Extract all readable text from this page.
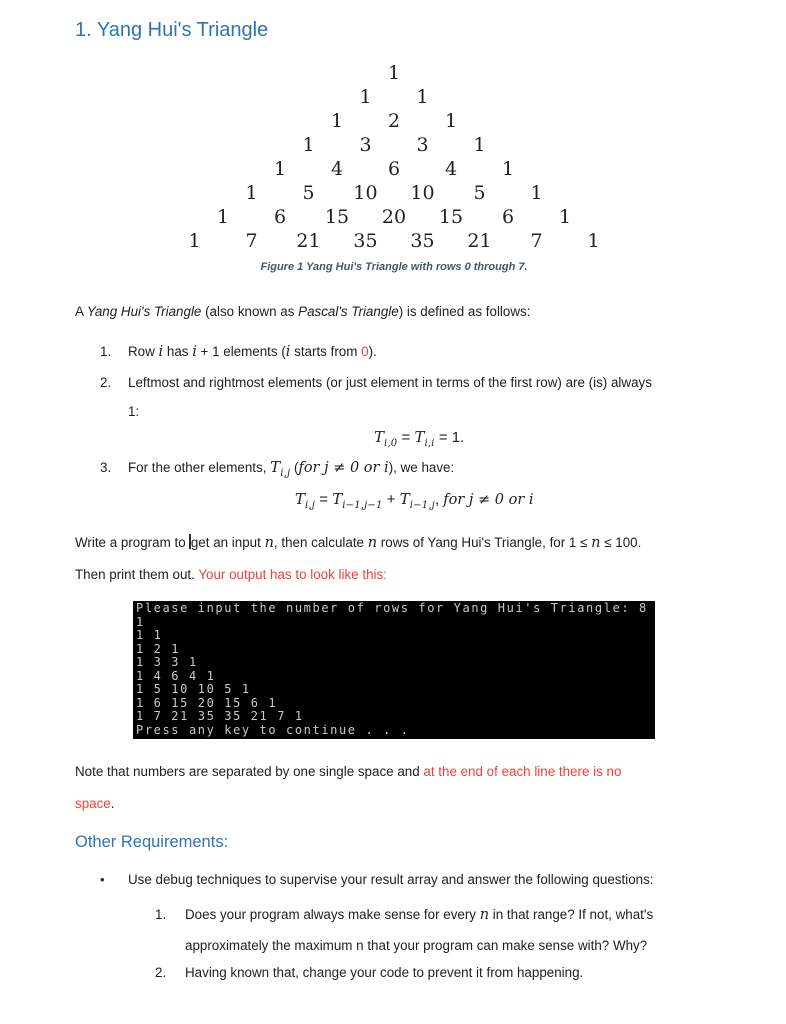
1. Yang Hui's Triangle
1
1	1
1	2	1
1	3	3	1
1	4	6	4	1
1	5	10	10	5	1
1	6	15	20	15	6	1
1	7	21	35	35	21	7	1
Figure 1 Yang Hui's Triangle with rows 0 through 7.
A Yang Hui's Triangle (also known as Pascal's Triangle) is defined as follows:
1. Row i has i + 1 elements (i starts from 0).
2. Leftmost and rightmost elements (or just element in terms of the first row) are (is) always
1:
$T_{i,0} = T_{i,i} = 1$.
3. For the other elements, $T_{i,j}$ (for j ≠ 0 or i), we have:
$T_{i,j} = T_{i-1,j-1} + T_{i-1,j}$, for j ≠ 0 or i
Write a program to get an input n, then calculate n rows of Yang Hui's Triangle, for 1 ≤ n ≤ 100.
Then print them out. Your output has to look like this:
Please input the number of rows for Yang Hui's Triangle: 8
1
1 1
1 2 1
1 3 3 1
1 4 6 4 1
1 5 10 10 5 1
1 6 15 20 15 6 1
1 7 21 35 35 21 7 1
Press any key to continue . . .
Note that numbers are separated by one single space and at the end of each line there is no
space.
Other Requirements:
• Use debug techniques to supervise your result array and answer the following questions:
1. Does your program always make sense for every n in that range? If not, what's
approximately the maximum n that your program can make sense with? Why?
2. Having known that, change your code to prevent it from happening.
